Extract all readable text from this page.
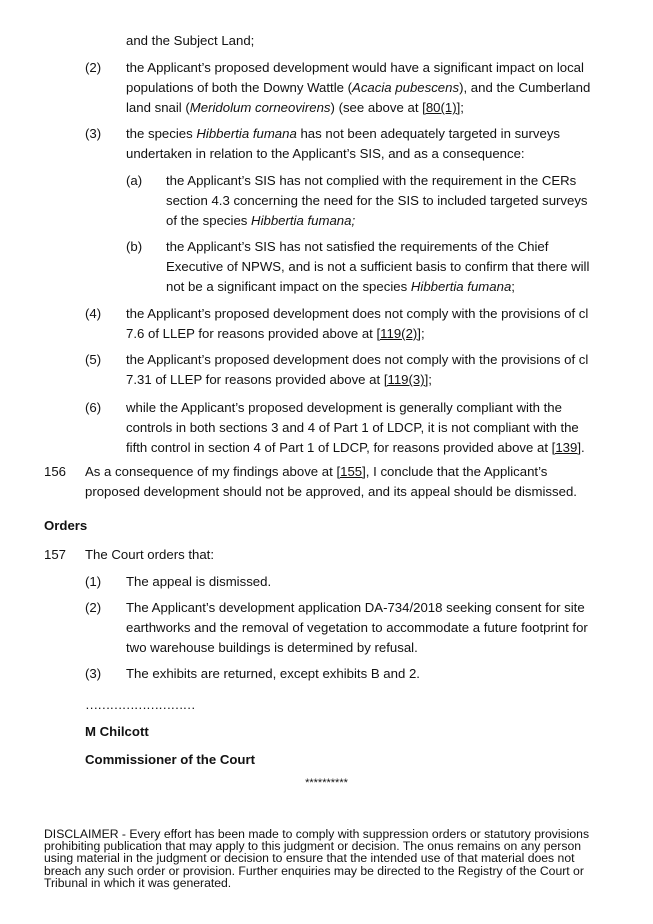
and the Subject Land;
(2) the Applicant’s proposed development would have a significant impact on local
populations of both the Downy Wattle (Acacia pubescens), and the Cumberland
land snail (Meridolum corneovirens) (see above at [80(1)];
(3) the species Hibbertia fumana has not been adequately targeted in surveys
undertaken in relation to the Applicant’s SIS, and as a consequence:
(a) the Applicant’s SIS has not complied with the requirement in the CERs
section 4.3 concerning the need for the SIS to included targeted surveys
of the species Hibbertia fumana;
(b) the Applicant’s SIS has not satisfied the requirements of the Chief
Executive of NPWS, and is not a sufficient basis to confirm that there will
not be a significant impact on the species Hibbertia fumana;
(4) the Applicant’s proposed development does not comply with the provisions of cl
7.6 of LLEP for reasons provided above at [119(2)];
(5) the Applicant’s proposed development does not comply with the provisions of cl
7.31 of LLEP for reasons provided above at [119(3)];
(6) while the Applicant’s proposed development is generally compliant with the
controls in both sections 3 and 4 of Part 1 of LDCP, it is not compliant with the
fifth control in section 4 of Part 1 of LDCP, for reasons provided above at [139].
156 As a consequence of my findings above at [155], I conclude that the Applicant’s
proposed development should not be approved, and its appeal should be dismissed.
Orders
157 The Court orders that:
(1) The appeal is dismissed.
(2) The Applicant’s development application DA-734/2018 seeking consent for site
earthworks and the removal of vegetation to accommodate a future footprint for
two warehouse buildings is determined by refusal.
(3) The exhibits are returned, except exhibits B and 2.
………………………
M Chilcott
Commissioner of the Court
**********
DISCLAIMER - Every effort has been made to comply with suppression orders or statutory provisions prohibiting publication that may apply to this judgment or decision. The onus remains on any person using material in the judgment or decision to ensure that the intended use of that material does not breach any such order or provision. Further enquiries may be directed to the Registry of the Court or Tribunal in which it was generated.
